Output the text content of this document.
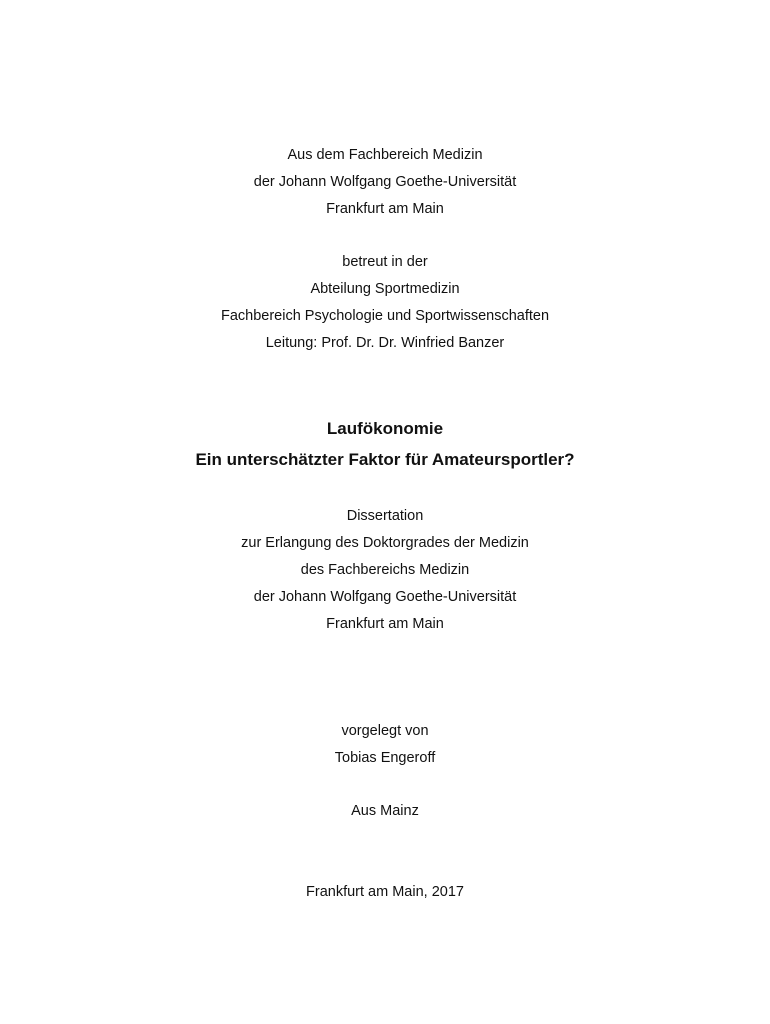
Aus dem Fachbereich Medizin
der Johann Wolfgang Goethe-Universität
Frankfurt am Main
betreut in der
Abteilung Sportmedizin
Fachbereich Psychologie und Sportwissenschaften
Leitung: Prof. Dr. Dr. Winfried Banzer
Laufökonomie
Ein unterschätzter Faktor für Amateursportler?
Dissertation
zur Erlangung des Doktorgrades der Medizin
des Fachbereichs Medizin
der Johann Wolfgang Goethe-Universität
Frankfurt am Main
vorgelegt von
Tobias Engeroff
Aus Mainz
Frankfurt am Main, 2017
